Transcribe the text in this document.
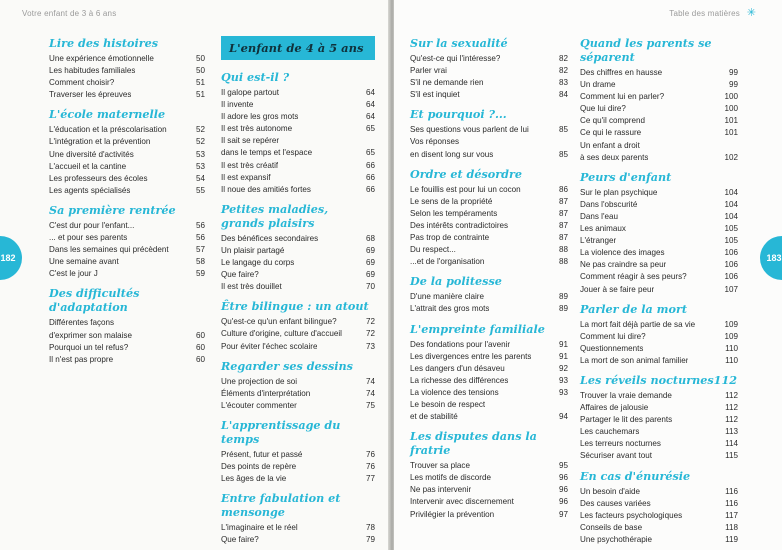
Votre enfant de 3 à 6 ans
182
Lire des histoires
Une expérience émotionnelle	50
Les habitudes familiales	50
Comment choisir?	51
Traverser les épreuves	51
L'école maternelle
L'éducation et la préscolarisation	52
L'intégration et la prévention	52
Une diversité d'activités	53
L'accueil et la cantine	53
Les professeurs des écoles	54
Les agents spécialisés	55
Sa première rentrée
C'est dur pour l'enfant...	56
... et pour ses parents	56
Dans les semaines qui précèdent	57
Une semaine avant	58
C'est le jour J	59
Des difficultés d'adaptation
Différentes façons
d'exprimer son malaise	60
Pourquoi un tel refus?	60
Il n'est pas propre	60
L'enfant de 4 à 5 ans
Qui est-il ?
Il galope partout	64
Il invente	64
Il adore les gros mots	64
Il est très autonome	65
Il sait se repérer
dans le temps et l'espace	65
Il est très créatif	66
Il est expansif	66
Il noue des amitiés fortes	66
Petites maladies, grands plaisirs
Des bénéfices secondaires	68
Un plaisir partagé	69
Le langage du corps	69
Que faire?	69
Il est très douillet	70
Être bilingue : un atout
Qu'est-ce qu'un enfant bilingue?	72
Culture d'origine, culture d'accueil	72
Pour éviter l'échec scolaire	73
Regarder ses dessins
Une projection de soi	74
Éléments d'interprétation	74
L'écouter commenter	75
L'apprentissage du temps
Présent, futur et passé	76
Des points de repère	76
Les âges de la vie	77
Entre fabulation et mensonge
L'imaginaire et le réel	78
Que faire?	79
Table des matières ✳
183
Sur la sexualité
Qu'est-ce qui l'intéresse?	82
Parler vrai	82
S'il ne demande rien	83
S'il est inquiet	84
Et pourquoi ?...
Ses questions vous parlent de lui	85
Vos réponses
en disent long sur vous	85
Ordre et désordre
Le fouillis est pour lui un cocon	86
Le sens de la propriété	87
Selon les tempéraments	87
Des intérêts contradictoires	87
Pas trop de contrainte	87
Du respect...	88
...et de l'organisation	88
De la politesse
D'une manière claire	89
L'attrait des gros mots	89
L'empreinte familiale
Des fondations pour l'avenir	91
Les divergences entre les parents	91
Les dangers d'un désaveu	92
La richesse des différences	93
La violence des tensions	93
Le besoin de respect
et de stabilité	94
Les disputes dans la fratrie
Trouver sa place	95
Les motifs de discorde	96
Ne pas intervenir	96
Intervenir avec discernement	96
Privilégier la prévention	97
Quand les parents se séparent
Des chiffres en hausse	99
Un drame	99
Comment lui en parler?	100
Que lui dire?	100
Ce qu'il comprend	101
Ce qui le rassure	101
Un enfant a droit
à ses deux parents	102
Peurs d'enfant
Sur le plan psychique	104
Dans l'obscurité	104
Dans l'eau	104
Les animaux	105
L'étranger	105
La violence des images	106
Ne pas craindre sa peur	106
Comment réagir à ses peurs?	106
Jouer à se faire peur	107
Parler de la mort
La mort fait déjà partie de sa vie	109
Comment lui dire?	109
Questionnements	110
La mort de son animal familier	110
Les réveils nocturnes112
Trouver la vraie demande	112
Affaires de jalousie	112
Partager le lit des parents	112
Les cauchemars	113
Les terreurs nocturnes	114
Sécuriser avant tout	115
En cas d'énurésie
Un besoin d'aide	116
Des causes variées	116
Les facteurs psychologiques	117
Conseils de base	118
Une psychothérapie	119
